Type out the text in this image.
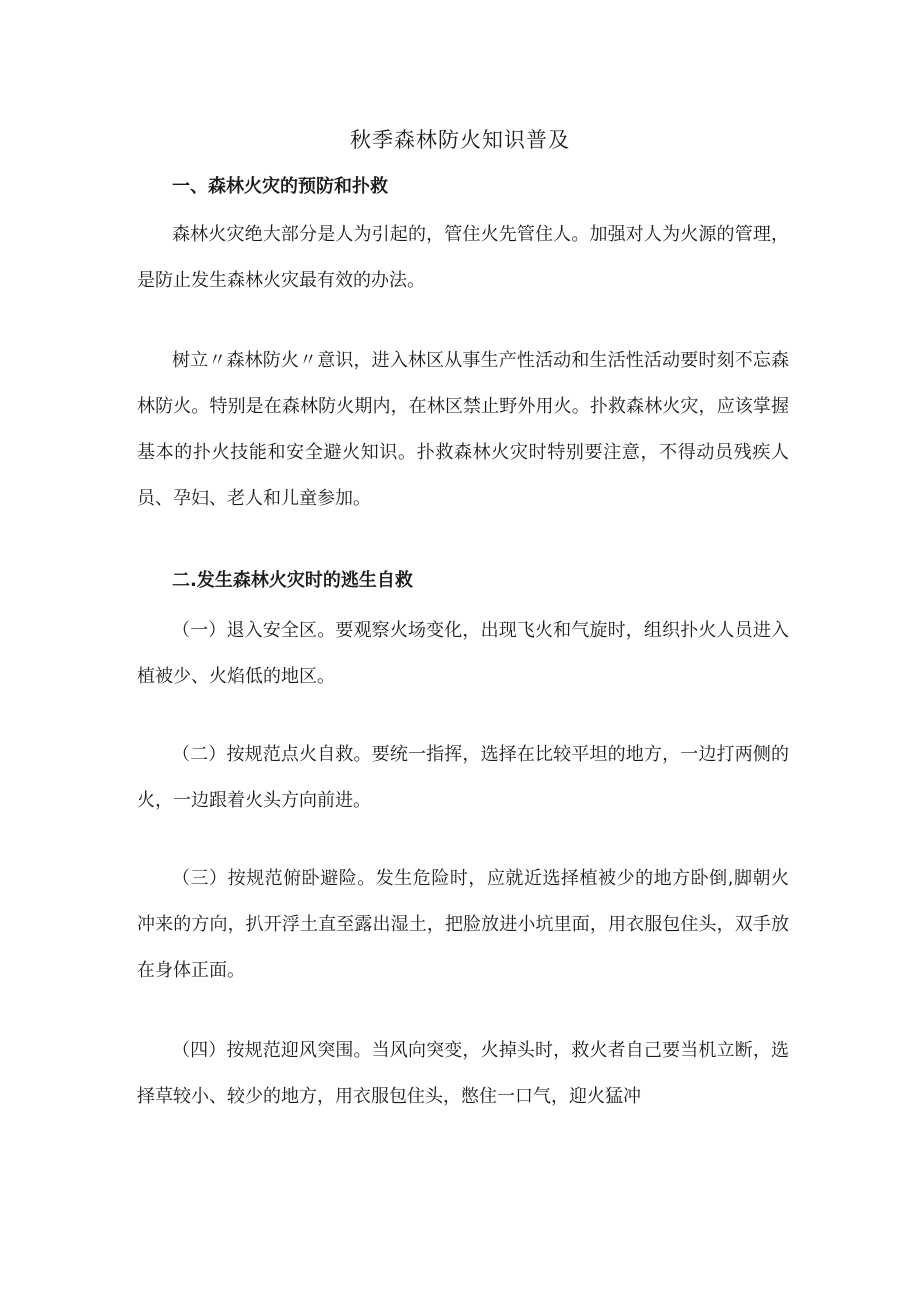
秋季森林防火知识普及
一、森林火灾的预防和扑救

森林火灾绝大部分是人为引起的，管住火先管住人。加强对人为火源的管理，是防止发生森林火灾最有效的办法。

树立〃森林防火〃意识，进入林区从事生产性活动和生活性活动要时刻不忘森林防火。特别是在森林防火期内，在林区禁止野外用火。扑救森林火灾，应该掌握基本的扑火技能和安全避火知识。扑救森林火灾时特别要注意，不得动员残疾人员、孕妇、老人和儿童参加。

二.发生森林火灾时的逃生自救

（一）退入安全区。要观察火场变化，出现飞火和气旋时，组织扑火人员进入植被少、火焰低的地区。

（二）按规范点火自救。要统一指挥，选择在比较平坦的地方，一边打两侧的火，一边跟着火头方向前进。

（三）按规范俯卧避险。发生危险时，应就近选择植被少的地方卧倒,脚朝火冲来的方向，扒开浮土直至露出湿土，把脸放进小坑里面，用衣服包住头，双手放在身体正面。

（四）按规范迎风突围。当风向突变，火掉头时，救火者自己要当机立断，选择草较小、较少的地方，用衣服包住头，憋住一口气，迎火猛冲
